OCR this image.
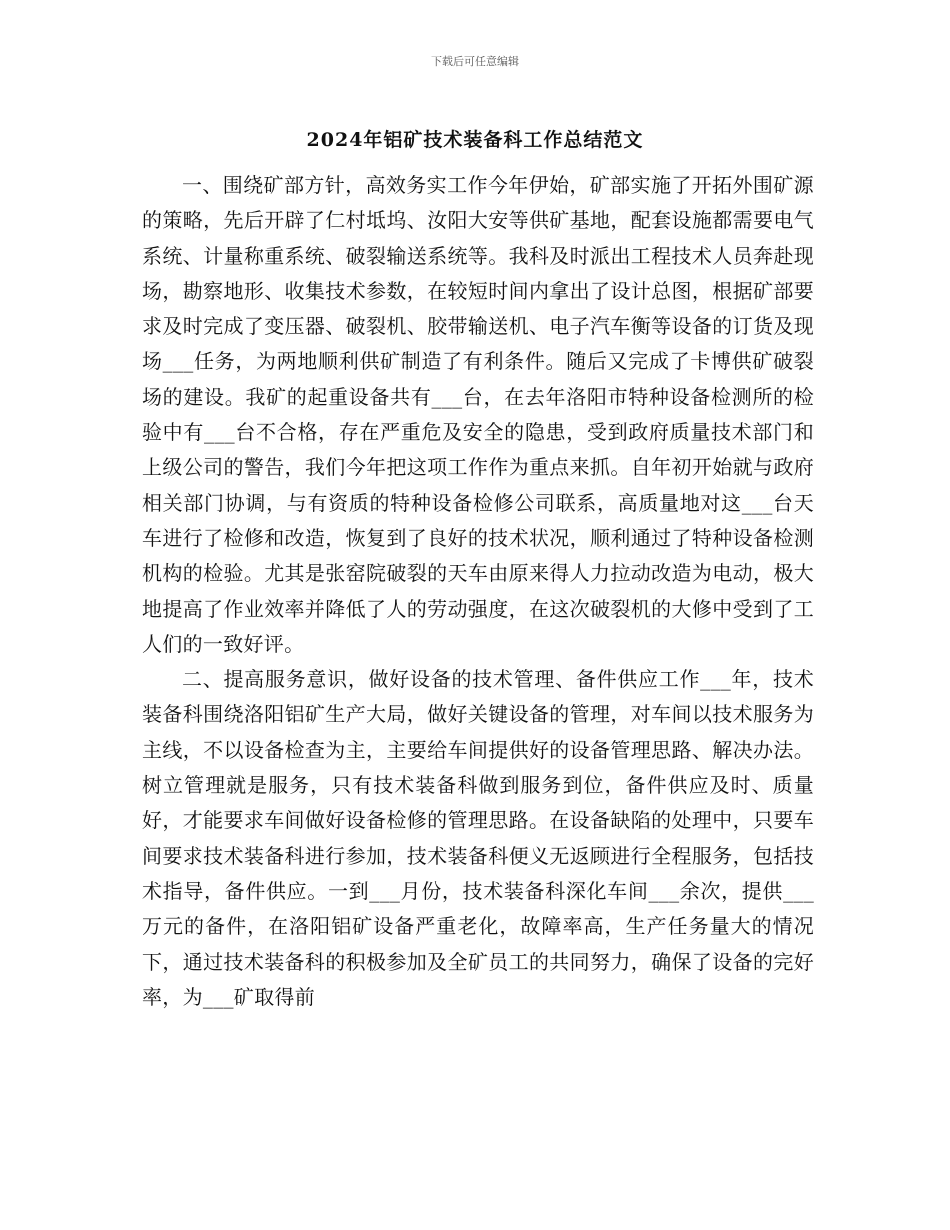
下载后可任意编辑
2024年铝矿技术装备科工作总结范文

一、围绕矿部方针，高效务实工作今年伊始，矿部实施了开拓外围矿源的策略，先后开辟了仁村坻坞、汝阳大安等供矿基地，配套设施都需要电气系统、计量称重系统、破裂输送系统等。我科及时派出工程技术人员奔赴现场，勘察地形、收集技术参数，在较短时间内拿出了设计总图，根据矿部要求及时完成了变压器、破裂机、胶带输送机、电子汽车衡等设备的订货及现场___任务，为两地顺利供矿制造了有利条件。随后又完成了卡博供矿破裂场的建设。我矿的起重设备共有___台，在去年洛阳市特种设备检测所的检验中有___台不合格，存在严重危及安全的隐患，受到政府质量技术部门和上级公司的警告，我们今年把这项工作作为重点来抓。自年初开始就与政府相关部门协调，与有资质的特种设备检修公司联系，高质量地对这___台天车进行了检修和改造，恢复到了良好的技术状况，顺利通过了特种设备检测机构的检验。尤其是张窑院破裂的天车由原来得人力拉动改造为电动，极大地提高了作业效率并降低了人的劳动强度，在这次破裂机的大修中受到了工人们的一致好评。

二、提高服务意识，做好设备的技术管理、备件供应工作___年，技术装备科围绕洛阳铝矿生产大局，做好关键设备的管理，对车间以技术服务为主线，不以设备检查为主，主要给车间提供好的设备管理思路、解决办法。树立管理就是服务，只有技术装备科做到服务到位，备件供应及时、质量好，才能要求车间做好设备检修的管理思路。在设备缺陷的处理中，只要车间要求技术装备科进行参加，技术装备科便义无返顾进行全程服务，包括技术指导，备件供应。一到___月份，技术装备科深化车间___余次，提供___万元的备件，在洛阳铝矿设备严重老化，故障率高，生产任务量大的情况下，通过技术装备科的积极参加及全矿员工的共同努力，确保了设备的完好率，为___矿取得前
